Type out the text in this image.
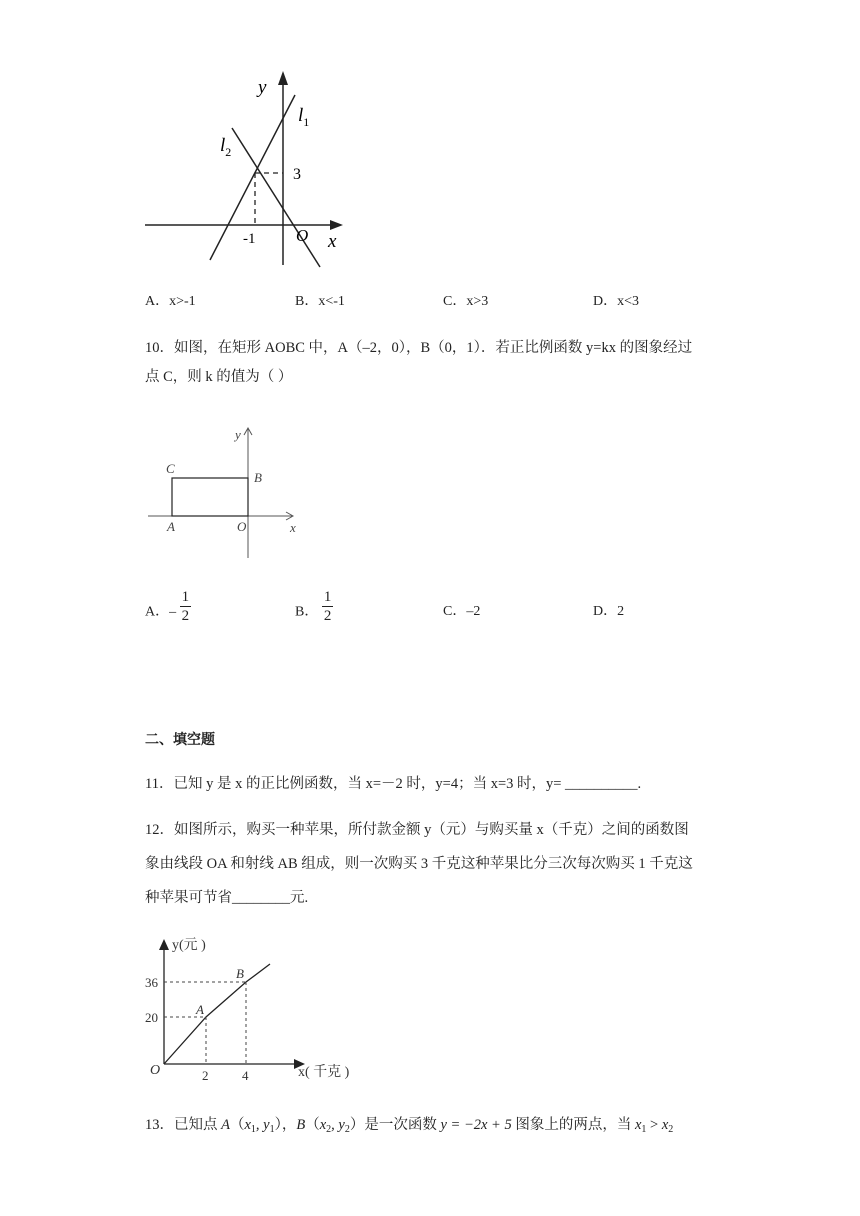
y
x
O
$l_1$
$l_2$
3
-1
A．x>-1	B．x<-1	C．x>3	D．x<3
10．如图，在矩形 AOBC 中，A（–2，0），B（0，1）．若正比例函数 y=kx 的图象经过
点 C，则 k 的值为（ ）
y
x
C
B
A	O
A．– $\frac{1}{2}$	B． $\frac{1}{2}$	C．–2	D．2
二、填空题
11．已知 y 是 x 的正比例函数，当 x=－2 时，y=4；当 x=3 时，y= __________.
12．如图所示，购买一种苹果，所付款金额 y（元）与购买量 x（千克）之间的函数图
象由线段 OA 和射线 AB 组成，则一次购买 3 千克这种苹果比分三次每次购买 1 千克这
种苹果可节省________元.
y(元 )
x( 千克 )
O
A
B
36
20
2	4
13．已知点 $A(x_1$, $y_1$），$B(x_2$, $y_2$）是一次函数 y = −2x + 5 图象上的两点，当 $x_1 > x_2$
